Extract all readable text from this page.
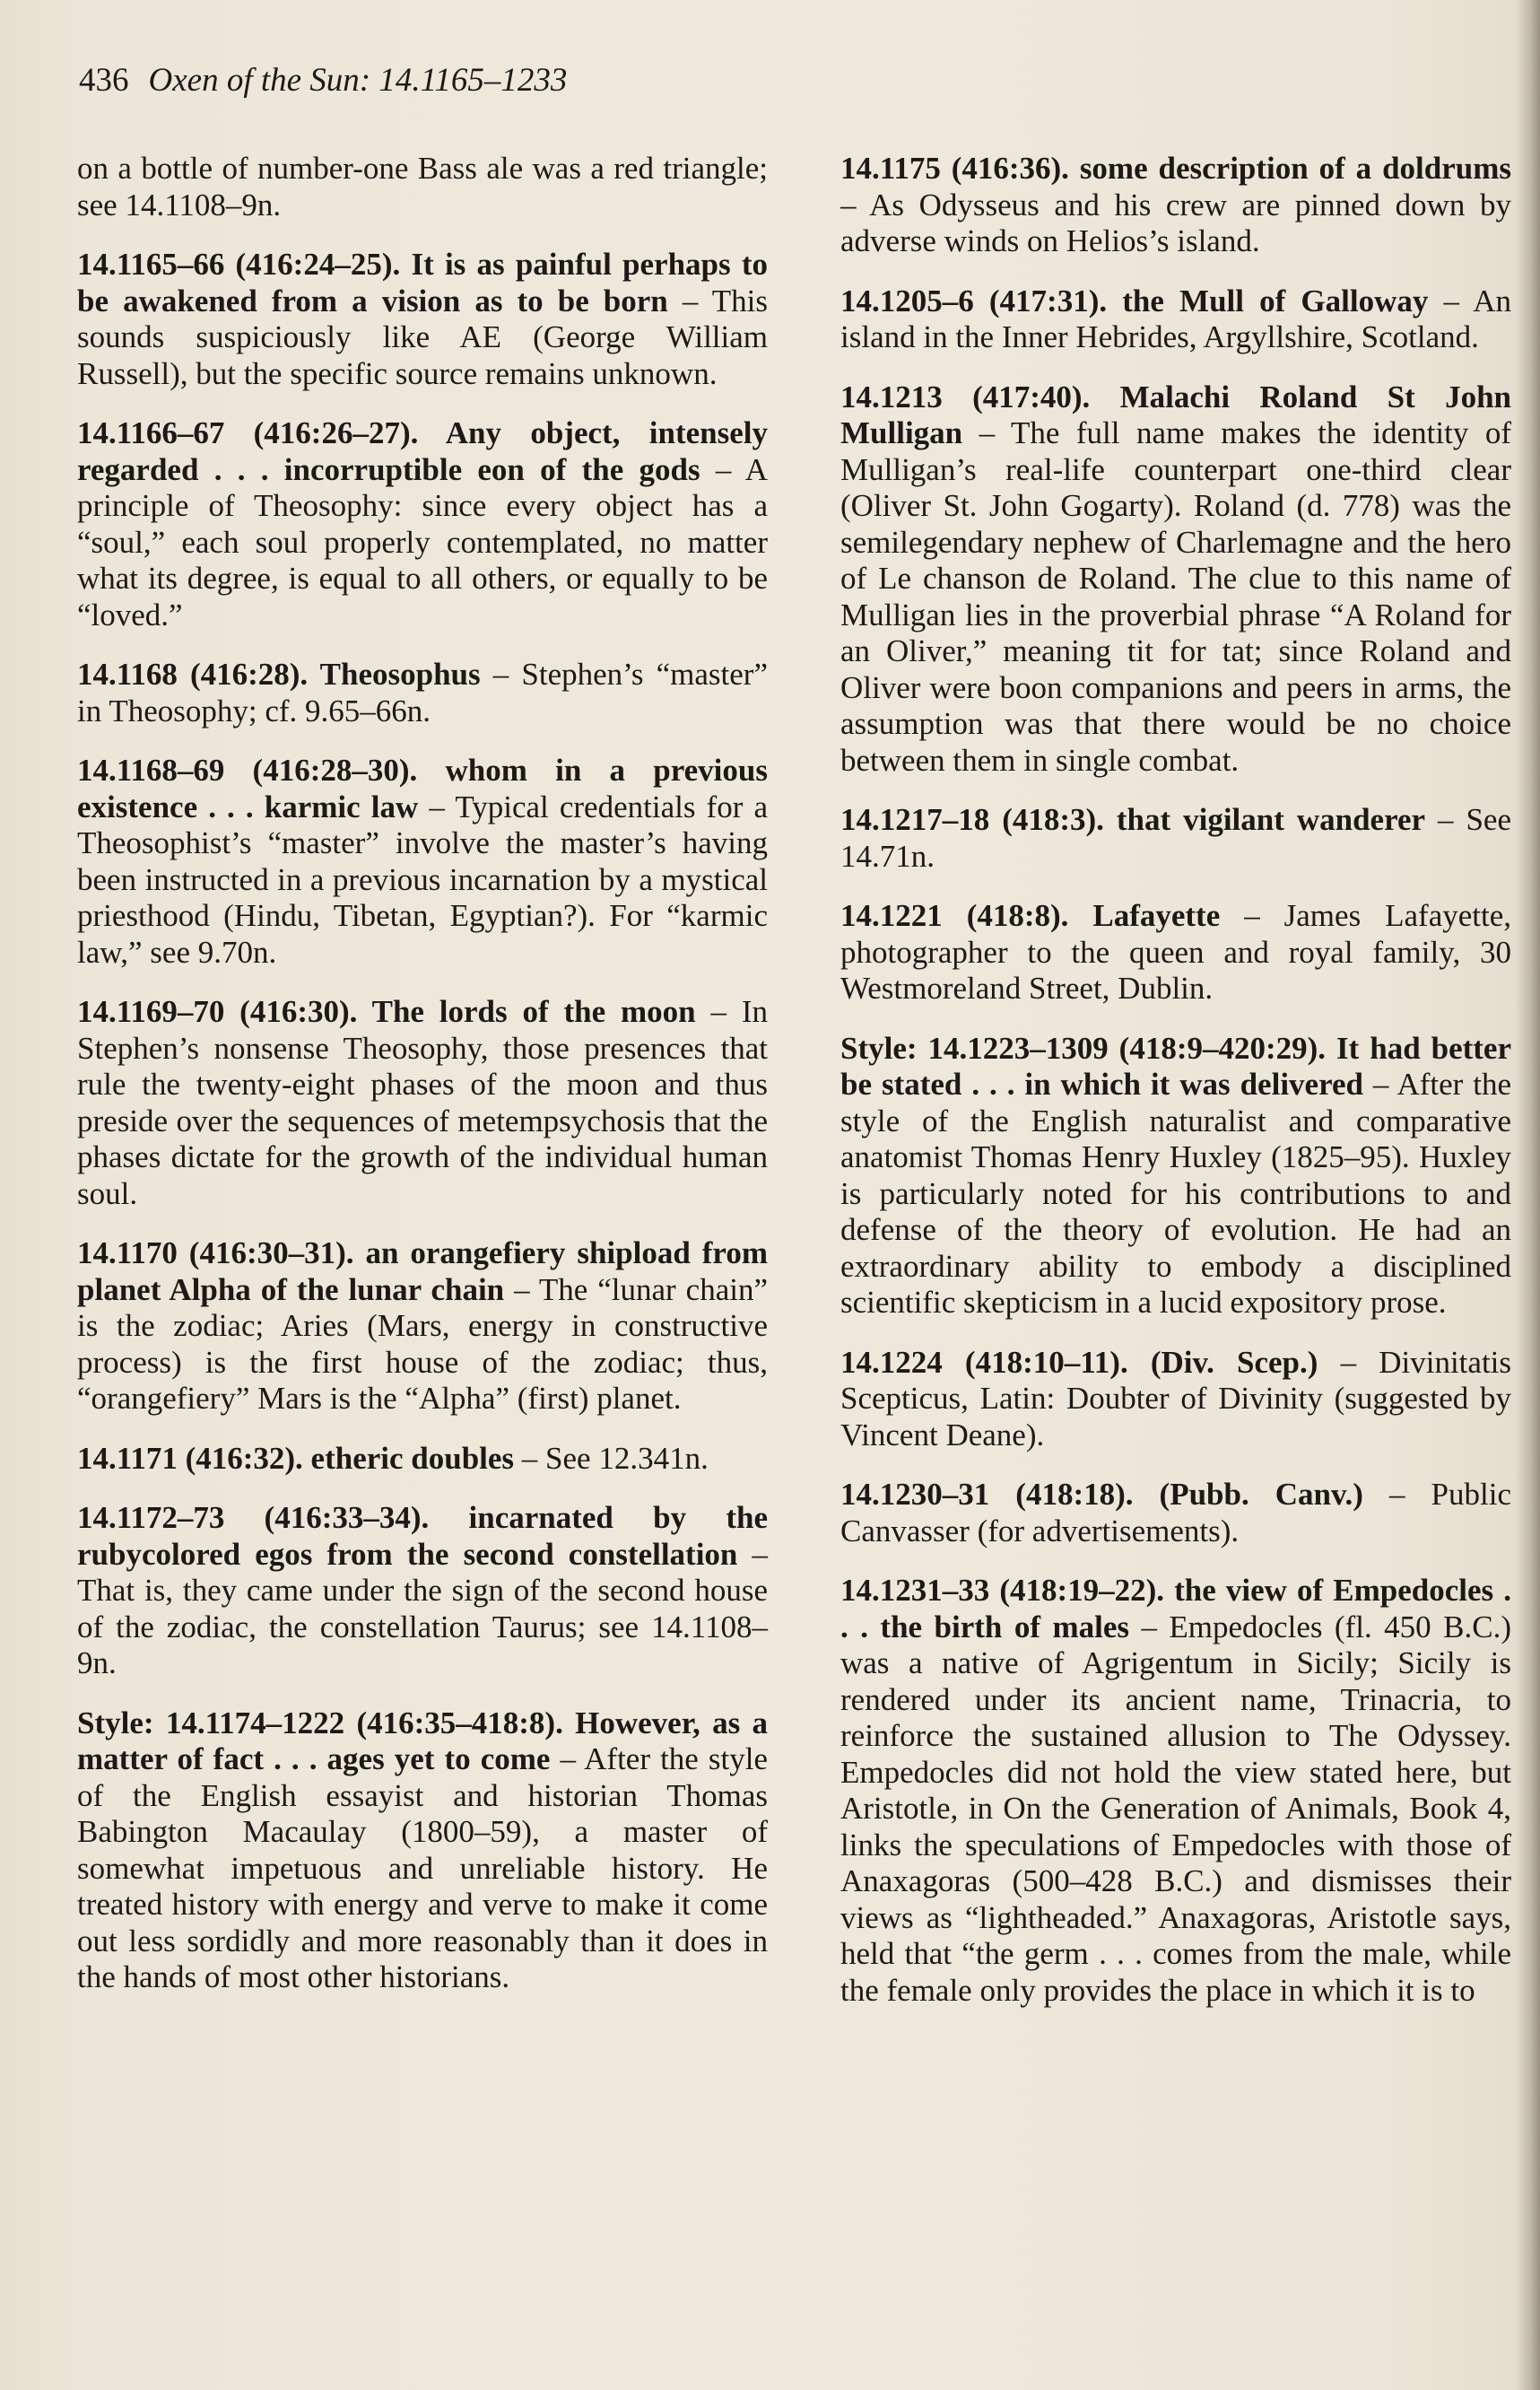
436 Oxen of the Sun: 14.1165–1233

on a bottle of number-one Bass ale was a red triangle; see 14.1108–9n.

14.1165–66 (416:24–25). It is as painful perhaps to be awakened from a vision as to be born – This sounds suspiciously like AE (George William Russell), but the specific source remains unknown.

14.1166–67 (416:26–27). Any object, intensely regarded . . . incorruptible eon of the gods – A principle of Theosophy: since every object has a “soul,” each soul properly contemplated, no matter what its degree, is equal to all others, or equally to be “loved.”

14.1168 (416:28). Theosophus – Stephen’s “master” in Theosophy; cf. 9.65–66n.

14.1168–69 (416:28–30). whom in a previous existence . . . karmic law – Typical credentials for a Theosophist’s “master” involve the master’s having been instructed in a previous incarnation by a mystical priesthood (Hindu, Tibetan, Egyptian?). For “karmic law,” see 9.70n.

14.1169–70 (416:30). The lords of the moon – In Stephen’s nonsense Theosophy, those presences that rule the twenty-eight phases of the moon and thus preside over the sequences of metempsychosis that the phases dictate for the growth of the individual human soul.

14.1170 (416:30–31). an orangefiery shipload from planet Alpha of the lunar chain – The “lunar chain” is the zodiac; Aries (Mars, energy in constructive process) is the first house of the zodiac; thus, “orangefiery” Mars is the “Alpha” (first) planet.

14.1171 (416:32). etheric doubles – See 12.341n.

14.1172–73 (416:33–34). incarnated by the rubycolored egos from the second constellation – That is, they came under the sign of the second house of the zodiac, the constellation Taurus; see 14.1108–9n.

Style: 14.1174–1222 (416:35–418:8). However, as a matter of fact . . . ages yet to come – After the style of the English essayist and historian Thomas Babington Macaulay (1800–59), a master of somewhat impetuous and unreliable history. He treated history with energy and verve to make it come out less sordidly and more reasonably than it does in the hands of most other historians.

14.1175 (416:36). some description of a doldrums – As Odysseus and his crew are pinned down by adverse winds on Helios’s island.

14.1205–6 (417:31). the Mull of Galloway – An island in the Inner Hebrides, Argyllshire, Scotland.

14.1213 (417:40). Malachi Roland St John Mulligan – The full name makes the identity of Mulligan’s real-life counterpart one-third clear (Oliver St. John Gogarty). Roland (d. 778) was the semilegendary nephew of Charlemagne and the hero of Le chanson de Roland. The clue to this name of Mulligan lies in the proverbial phrase “A Roland for an Oliver,” meaning tit for tat; since Roland and Oliver were boon companions and peers in arms, the assumption was that there would be no choice between them in single combat.

14.1217–18 (418:3). that vigilant wanderer – See 14.71n.

14.1221 (418:8). Lafayette – James Lafayette, photographer to the queen and royal family, 30 Westmoreland Street, Dublin.

Style: 14.1223–1309 (418:9–420:29). It had better be stated . . . in which it was delivered – After the style of the English naturalist and comparative anatomist Thomas Henry Huxley (1825–95). Huxley is particularly noted for his contributions to and defense of the theory of evolution. He had an extraordinary ability to embody a disciplined scientific skepticism in a lucid expository prose.

14.1224 (418:10–11). (Div. Scep.) – Divinitatis Scepticus, Latin: Doubter of Divinity (suggested by Vincent Deane).

14.1230–31 (418:18). (Pubb. Canv.) – Public Canvasser (for advertisements).

14.1231–33 (418:19–22). the view of Empedocles . . . the birth of males – Empedocles (fl. 450 B.C.) was a native of Agrigentum in Sicily; Sicily is rendered under its ancient name, Trinacria, to reinforce the sustained allusion to The Odyssey. Empedocles did not hold the view stated here, but Aristotle, in On the Generation of Animals, Book 4, links the speculations of Empedocles with those of Anaxagoras (500–428 B.C.) and dismisses their views as “lightheaded.” Anaxagoras, Aristotle says, held that “the germ . . . comes from the male, while the female only provides the place in which it is to
